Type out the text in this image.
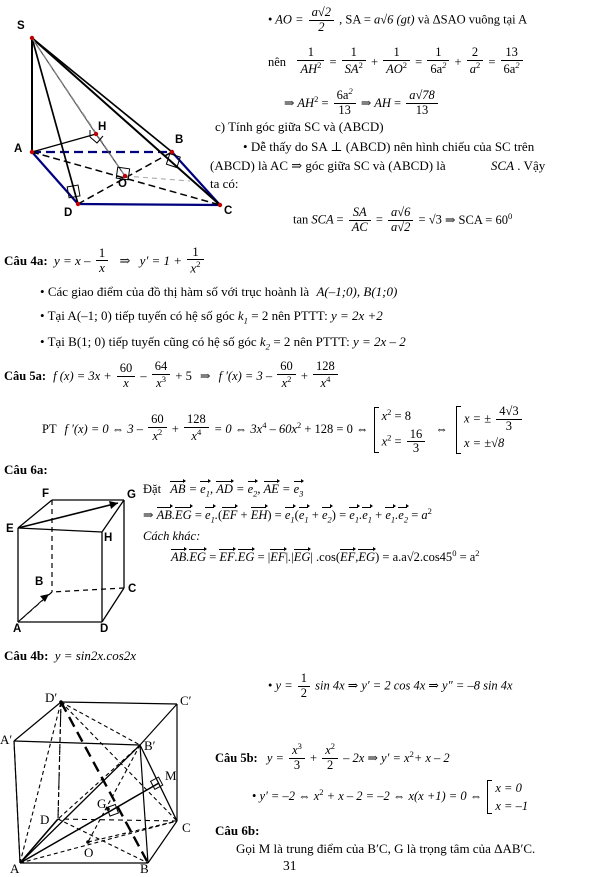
S
A
B
C
D
H
O
• AO = $\frac{a√2}{2}$ , SA = a√6 (gt) và ΔSAO vuông tại A
nên $\frac{1}{AH^2} = \frac{1}{SA^2} + \frac{1}{AO^2} = \frac{1}{6a^2} + \frac{2}{a^2} = \frac{13}{6a^2}$
⇒ $AH^2 = \frac{6a^2}{13}$ ⇒ AH = $\frac{a√78}{13}$
c) Tính góc giữa SC và (ABCD)
• Dễ thấy do SA ⊥ (ABCD) nên hình chiếu của SC trên
(ABCD) là AC ⇒ góc giữa SC và (ABCD) là	SCA . Vậy
ta có:
tan SCA = $\frac{SA}{AC} = \frac{a√6}{a√2} = √3$ ⇒ SCA = $60^0$
Câu 4a: $y = x - \frac{1}{x}$ ⇒ $y' = 1 + \frac{1}{x^2}$
• Các giao điểm của đồ thị hàm số với trục hoành là A(–1;0), B(1;0)
• Tại A(–1; 0) tiếp tuyến có hệ số góc $k_1 = 2$ nên PTTT: y = 2x +2
• Tại B(1; 0) tiếp tuyến cũng có hệ số góc $k_2 = 2$ nên PTTT: y = 2x – 2
Câu 5a: f $(x) = 3x + \frac{60}{x} - \frac{64}{x^3} + 5$ ⇒ f $'(x) = 3 - \frac{60}{x^2} + \frac{128}{x^4}$
PT f ′(x) = 0 ⇔ $3 - \frac{60}{x^2} + \frac{128}{x^4} = 0$ ⇔ $3x^4 - 60x^2 + 128 = 0$ ⇔
$x^2 = 8$
$x^2 = \frac{16}{3}$ ⇔
x = ± $\frac{4√3}{3}$
x = ±√8
Câu 6a:
F	G
E
H
B
C
A	D
Đặt AB = $e_1$, AD = $e_2$, AE = $e_3$
⇒ $AB.EG = e_1.(EF + EH) = e_1(e_1 + e_2) = e_1.e_1 + e_1.e_2 = a^2$
Cách khác:
AB.EG = EF.EG = |EF|.|EG| $.\cos(EF,EG) = a.a√2.\cos 45^0 = a^2$
Câu 4b: y = sin2x.cos2x
• $y = \frac{1}{2}$ sin 4x ⇒ y′ = 2 cos 4x ⇒ y″ = –8 sin 4x
D′	C′
A′	B′
M
G
D
C
O
A	B
Câu 5b: $y = \frac{x^3}{3} + \frac{x^2}{2} - 2x$ ⇒ $y' = x^2+ x - 2$
• y′ = –2 ⇔ $x^2 + x - 2 = -2$ ⇔ x(x +1) = 0 ⇔
x = 0
x = –1
Câu 6b:
Gọi M là trung điểm của B′C, G là trọng tâm của ΔAB′C.
31
